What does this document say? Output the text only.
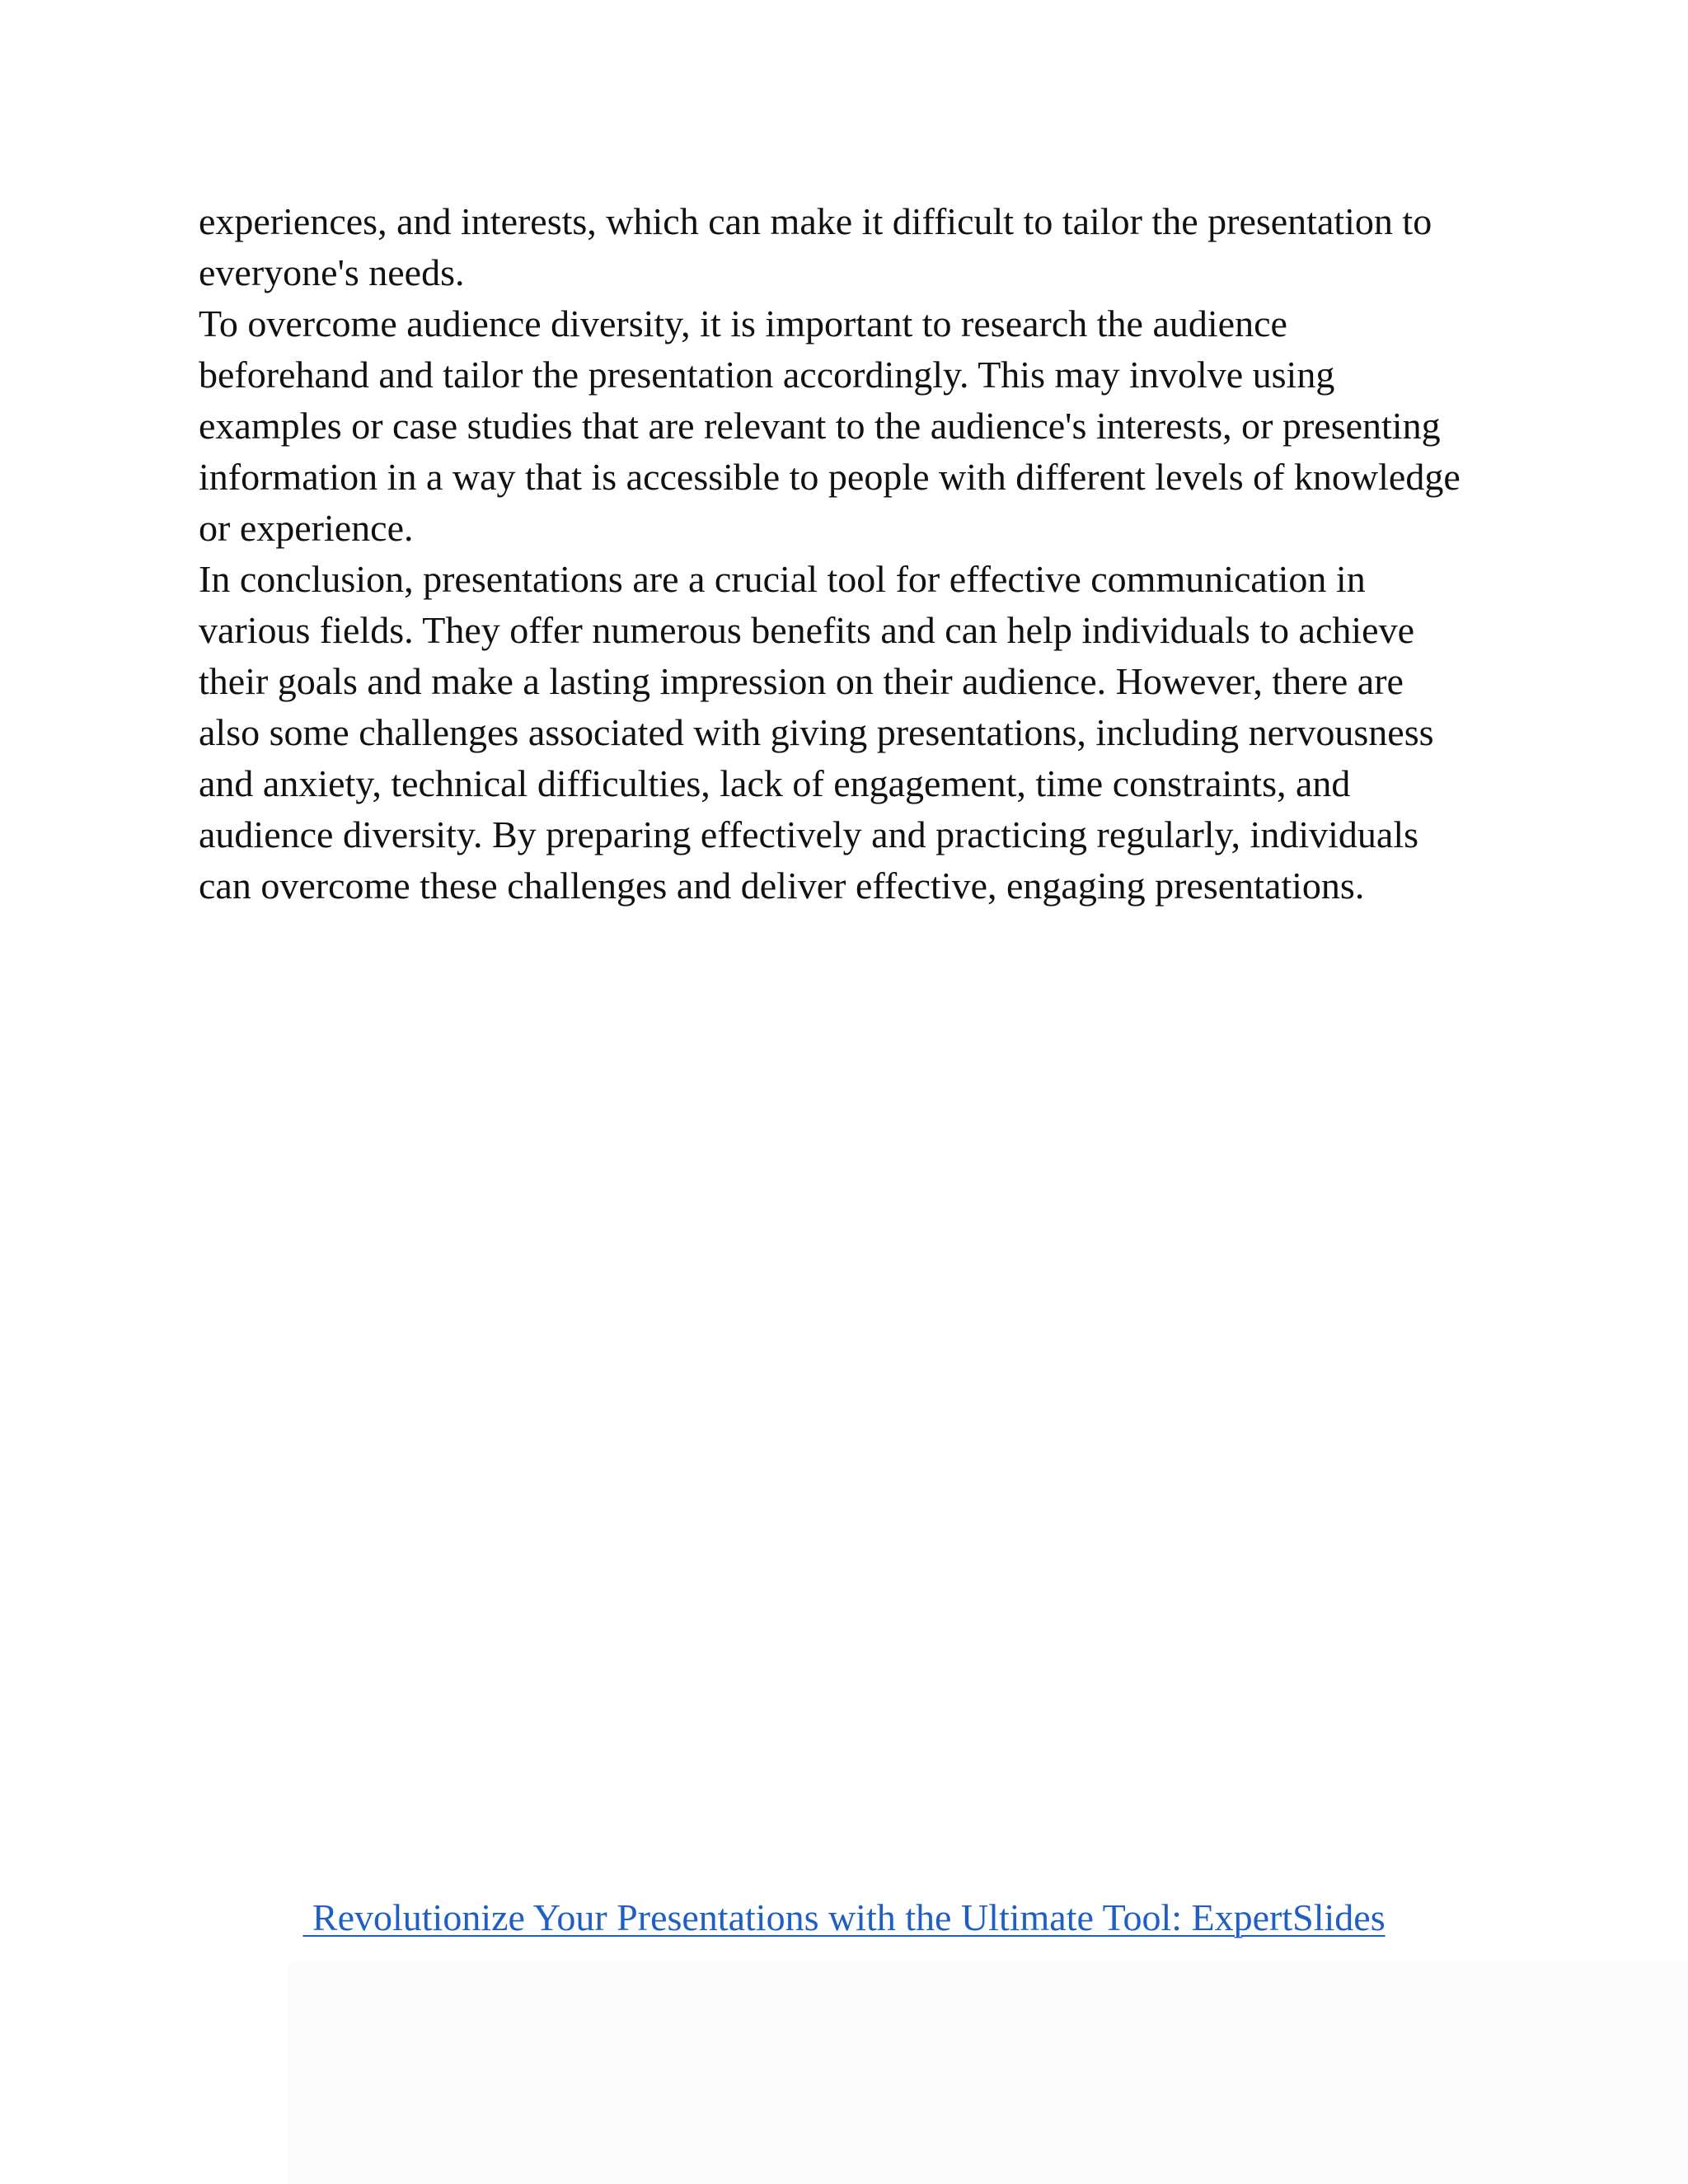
experiences, and interests, which can make it difficult to tailor the presentation to
everyone's needs.
To overcome audience diversity, it is important to research the audience
beforehand and tailor the presentation accordingly. This may involve using
examples or case studies that are relevant to the audience's interests, or presenting
information in a way that is accessible to people with different levels of knowledge
or experience.
In conclusion, presentations are a crucial tool for effective communication in
various fields. They offer numerous benefits and can help individuals to achieve
their goals and make a lasting impression on their audience. However, there are
also some challenges associated with giving presentations, including nervousness
and anxiety, technical difficulties, lack of engagement, time constraints, and
audience diversity. By preparing effectively and practicing regularly, individuals
can overcome these challenges and deliver effective, engaging presentations.
Revolutionize Your Presentations with the Ultimate Tool: ExpertSlides
